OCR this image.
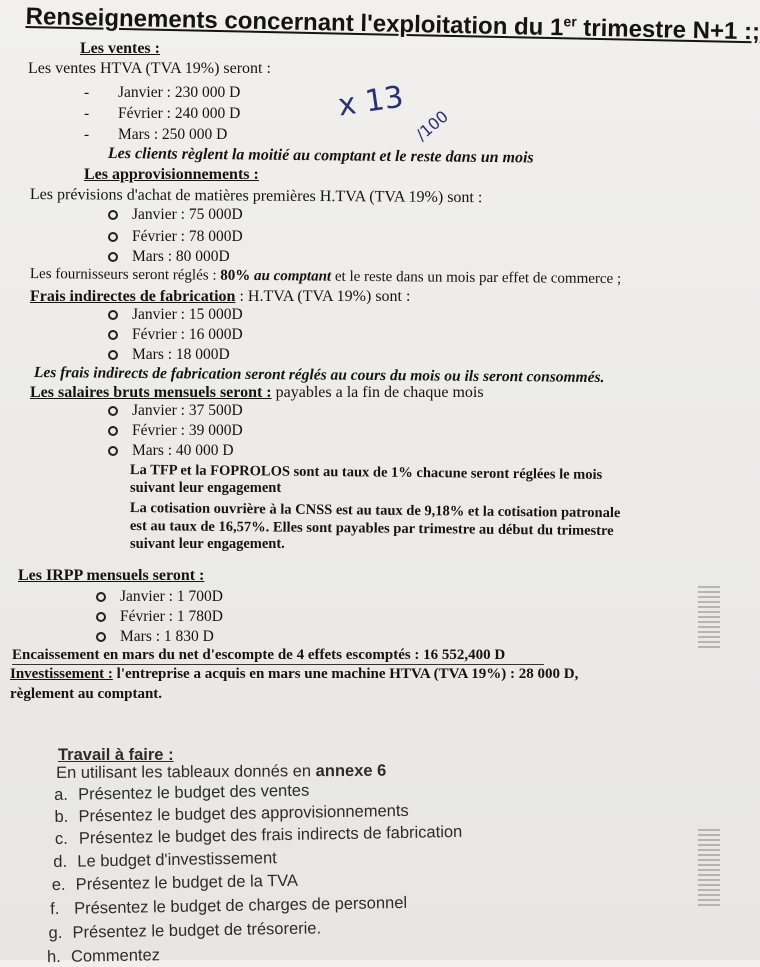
Renseignements concernant l'exploitation du 1er trimestre N+1 :;
Les ventes :
Les ventes HTVA (TVA 19%) seront :
- Janvier : 230 000 D
- Février : 240 000 D
- Mars : 250 000 D
Les clients règlent la moitié au comptant et le reste dans un mois
x 13
/100
Les approvisionnements :
Les prévisions d'achat de matières premières H.TVA (TVA 19%) sont :
Janvier : 75 000D
Février : 78 000D
Mars : 80 000D
Les fournisseurs seront réglés : 80% au comptant et le reste dans un mois par effet de commerce ;
Frais indirectes de fabrication : H.TVA (TVA 19%) sont :
Janvier : 15 000D
Février : 16 000D
Mars : 18 000D
Les frais indirects de fabrication seront réglés au cours du mois ou ils seront consommés.
Les salaires bruts mensuels seront : payables a la fin de chaque mois
Janvier : 37 500D
Février : 39 000D
Mars : 40 000 D
La TFP et la FOPROLOS sont au taux de 1% chacune seront réglées le mois
suivant leur engagement
La cotisation ouvrière à la CNSS est au taux de 9,18% et la cotisation patronale
est au taux de 16,57%. Elles sont payables par trimestre au début du trimestre
suivant leur engagement.
Les IRPP mensuels seront :
Janvier : 1 700D
Février : 1 780D
Mars : 1 830 D
Encaissement en mars du net d'escompte de 4 effets escomptés : 16 552,400 D
Investissement : l'entreprise a acquis en mars une machine HTVA (TVA 19%) : 28 000 D,
règlement au comptant.
Travail à faire :
En utilisant les tableaux donnés en annexe 6
a. Présentez le budget des ventes
b. Présentez le budget des approvisionnements
c. Présentez le budget des frais indirects de fabrication
d. Le budget d'investissement
e. Présentez le budget de la TVA
f. Présentez le budget de charges de personnel
g. Présentez le budget de trésorerie.
h. Commentez
